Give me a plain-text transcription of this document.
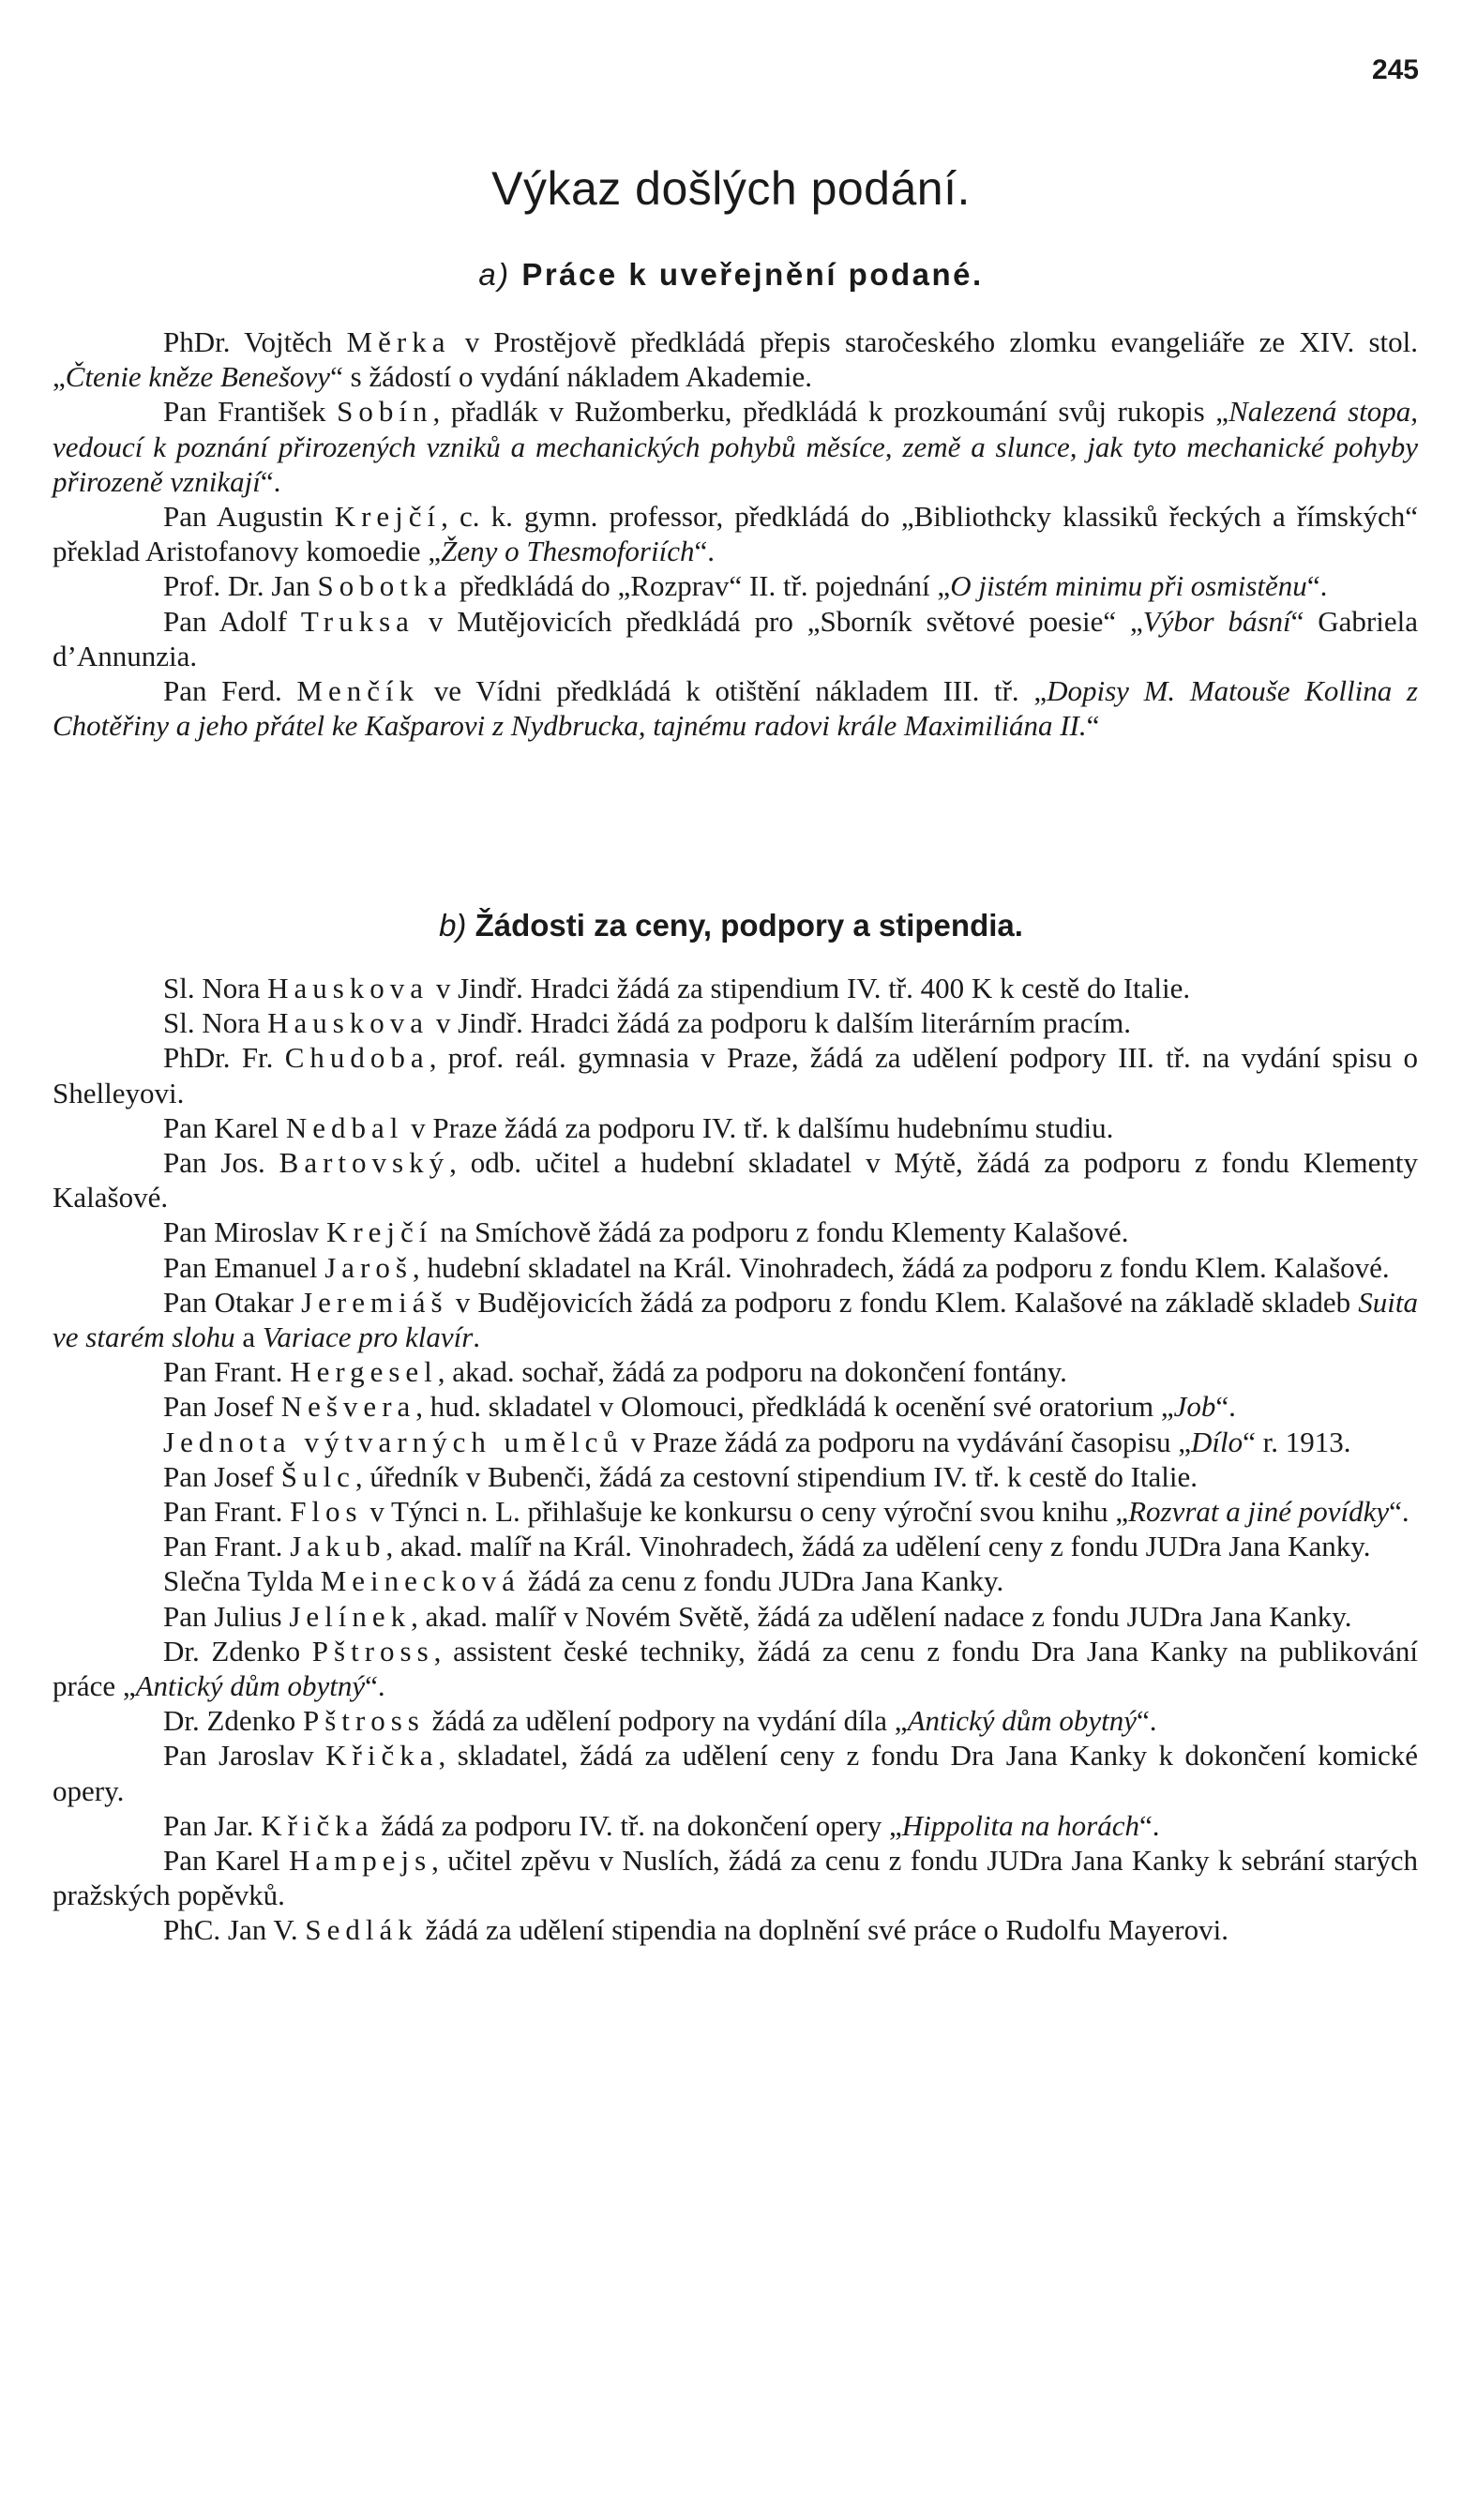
245
Výkaz došlých podání.
a) Práce k uveřejnění podané.

PhDr. Vojtěch Měrka v Prostějově předkládá přepis staročeského zlomku evangeliáře ze XIV. stol. „Čtenie kněze Benešovy“ s žádostí o vydání nákladem Akademie.

Pan František Sobín, přadlák v Ružomberku, předkládá k prozkoumání svůj rukopis „Nalezená stopa, vedoucí k poznání přirozených vzniků a mechanických pohybů měsíce, země a slunce, jak tyto mechanické pohyby přirozeně vznikají“.

Pan Augustin Krejčí, c. k. gymn. professor, předkládá do „Bibliothcky klassiků řeckých a římských“ překlad Aristofanovy komoedie „Ženy o Thesmoforiích“.

Prof. Dr. Jan Sobotka předkládá do „Rozprav“ II. tř. pojednání „O jistém minimu při osmistěnu“.

Pan Adolf Truksa v Mutějovicích předkládá pro „Sborník světové poesie“ „Výbor básní“ Gabriela d’Annunzia.

Pan Ferd. Menčík ve Vídni předkládá k otištění nákladem III. tř. „Dopisy M. Matouše Kollina z Chotěřiny a jeho přátel ke Kašparovi z Nydbrucka, tajnému radovi krále Maximiliána II.“

b) Žádosti za ceny, podpory a stipendia.

Sl. Nora Hauskova v Jindř. Hradci žádá za stipendium IV. tř. 400 K k cestě do Italie.

Sl. Nora Hauskova v Jindř. Hradci žádá za podporu k dalším literárním pracím.

PhDr. Fr. Chudoba, prof. reál. gymnasia v Praze, žádá za udělení podpory III. tř. na vydání spisu o Shelleyovi.

Pan Karel Nedbal v Praze žádá za podporu IV. tř. k dalšímu hudebnímu studiu.

Pan Jos. Bartovský, odb. učitel a hudební skladatel v Mýtě, žádá za podporu z fondu Klementy Kalašové.

Pan Miroslav Krejčí na Smíchově žádá za podporu z fondu Klementy Kalašové.

Pan Emanuel Jaroš, hudební skladatel na Král. Vinohradech, žádá za podporu z fondu Klem. Kalašové.

Pan Otakar Jeremiáš v Budějovicích žádá za podporu z fondu Klem. Kalašové na základě skladeb Suita ve starém slohu a Variace pro klavír.

Pan Frant. Hergesel, akad. sochař, žádá za podporu na dokončení fontány.

Pan Josef Nešvera, hud. skladatel v Olomouci, předkládá k ocenění své oratorium „Job“.

Jednota výtvarných umělců v Praze žádá za podporu na vydávání časopisu „Dílo“ r. 1913.

Pan Josef Šulc, úředník v Bubenči, žádá za cestovní stipendium IV. tř. k cestě do Italie.

Pan Frant. Flos v Týnci n. L. přihlašuje ke konkursu o ceny výroční svou knihu „Rozvrat a jiné povídky“.

Pan Frant. Jakub, akad. malíř na Král. Vinohradech, žádá za udělení ceny z fondu JUDra Jana Kanky.

Slečna Tylda Meinecková žádá za cenu z fondu JUDra Jana Kanky.

Pan Julius Jelínek, akad. malíř v Novém Světě, žádá za udělení nadace z fondu JUDra Jana Kanky.

Dr. Zdenko Pštross, assistent české techniky, žádá za cenu z fondu Dra Jana Kanky na publikování práce „Antický dům obytný“.

Dr. Zdenko Pštross žádá za udělení podpory na vydání díla „Antický dům obytný“.

Pan Jaroslav Křička, skladatel, žádá za udělení ceny z fondu Dra Jana Kanky k dokončení komické opery.

Pan Jar. Křička žádá za podporu IV. tř. na dokončení opery „Hippolita na horách“.

Pan Karel Hampejs, učitel zpěvu v Nuslích, žádá za cenu z fondu JUDra Jana Kanky k sebrání starých pražských popěvků.

PhC. Jan V. Sedlák žádá za udělení stipendia na doplnění své práce o Rudolfu Mayerovi.
